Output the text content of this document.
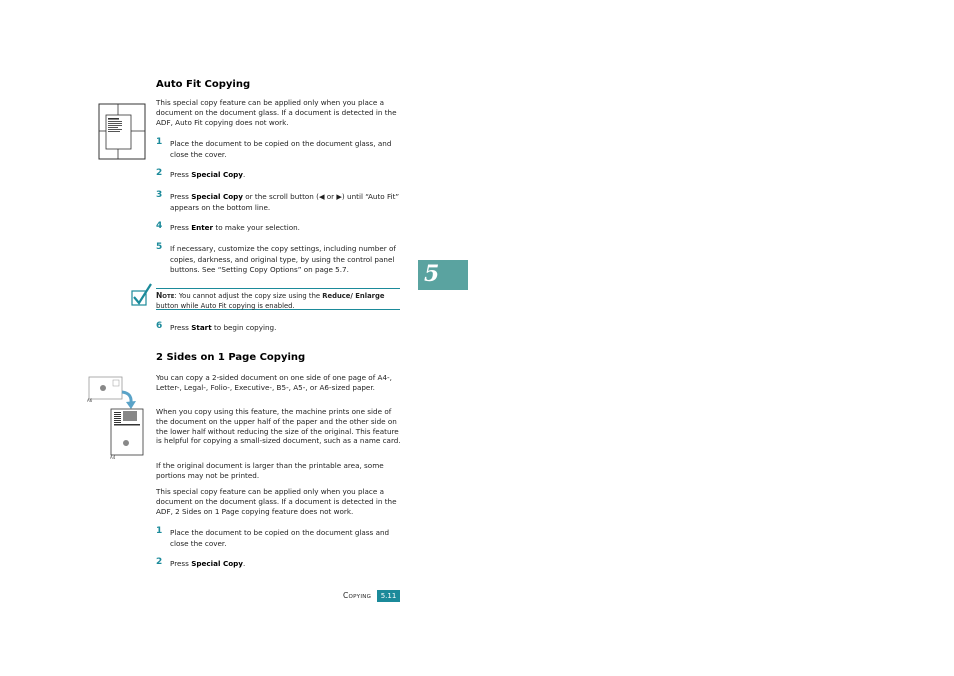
Auto Fit Copying
This special copy feature can be applied only when you place a document on the document glass. If a document is detected in the ADF, Auto Fit copying does not work.
1 Place the document to be copied on the document glass, and close the cover.
2 Press Special Copy.
3 Press Special Copy or the scroll button (◀ or ▶) until “Auto Fit” appears on the bottom line.
4 Press Enter to make your selection.
5 If necessary, customize the copy settings, including number of copies, darkness, and original type, by using the control panel buttons. See “Setting Copy Options” on page 5.7.
NOTE: You cannot adjust the copy size using the Reduce/ Enlarge button while Auto Fit copying is enabled.
6 Press Start to begin copying.
2 Sides on 1 Page Copying
A6
A4
You can copy a 2-sided document on one side of one page of A4-, Letter-, Legal-, Folio-, Executive-, B5-, A5-, or A6-sized paper.
When you copy using this feature, the machine prints one side of the document on the upper half of the paper and the other side on the lower half without reducing the size of the original. This feature is helpful for copying a small-sized document, such as a name card.
If the original document is larger than the printable area, some portions may not be printed.
This special copy feature can be applied only when you place a document on the document glass. If a document is detected in the ADF, 2 Sides on 1 Page copying feature does not work.
1 Place the document to be copied on the document glass and close the cover.
2 Press Special Copy.
5
COPYING	5.11
